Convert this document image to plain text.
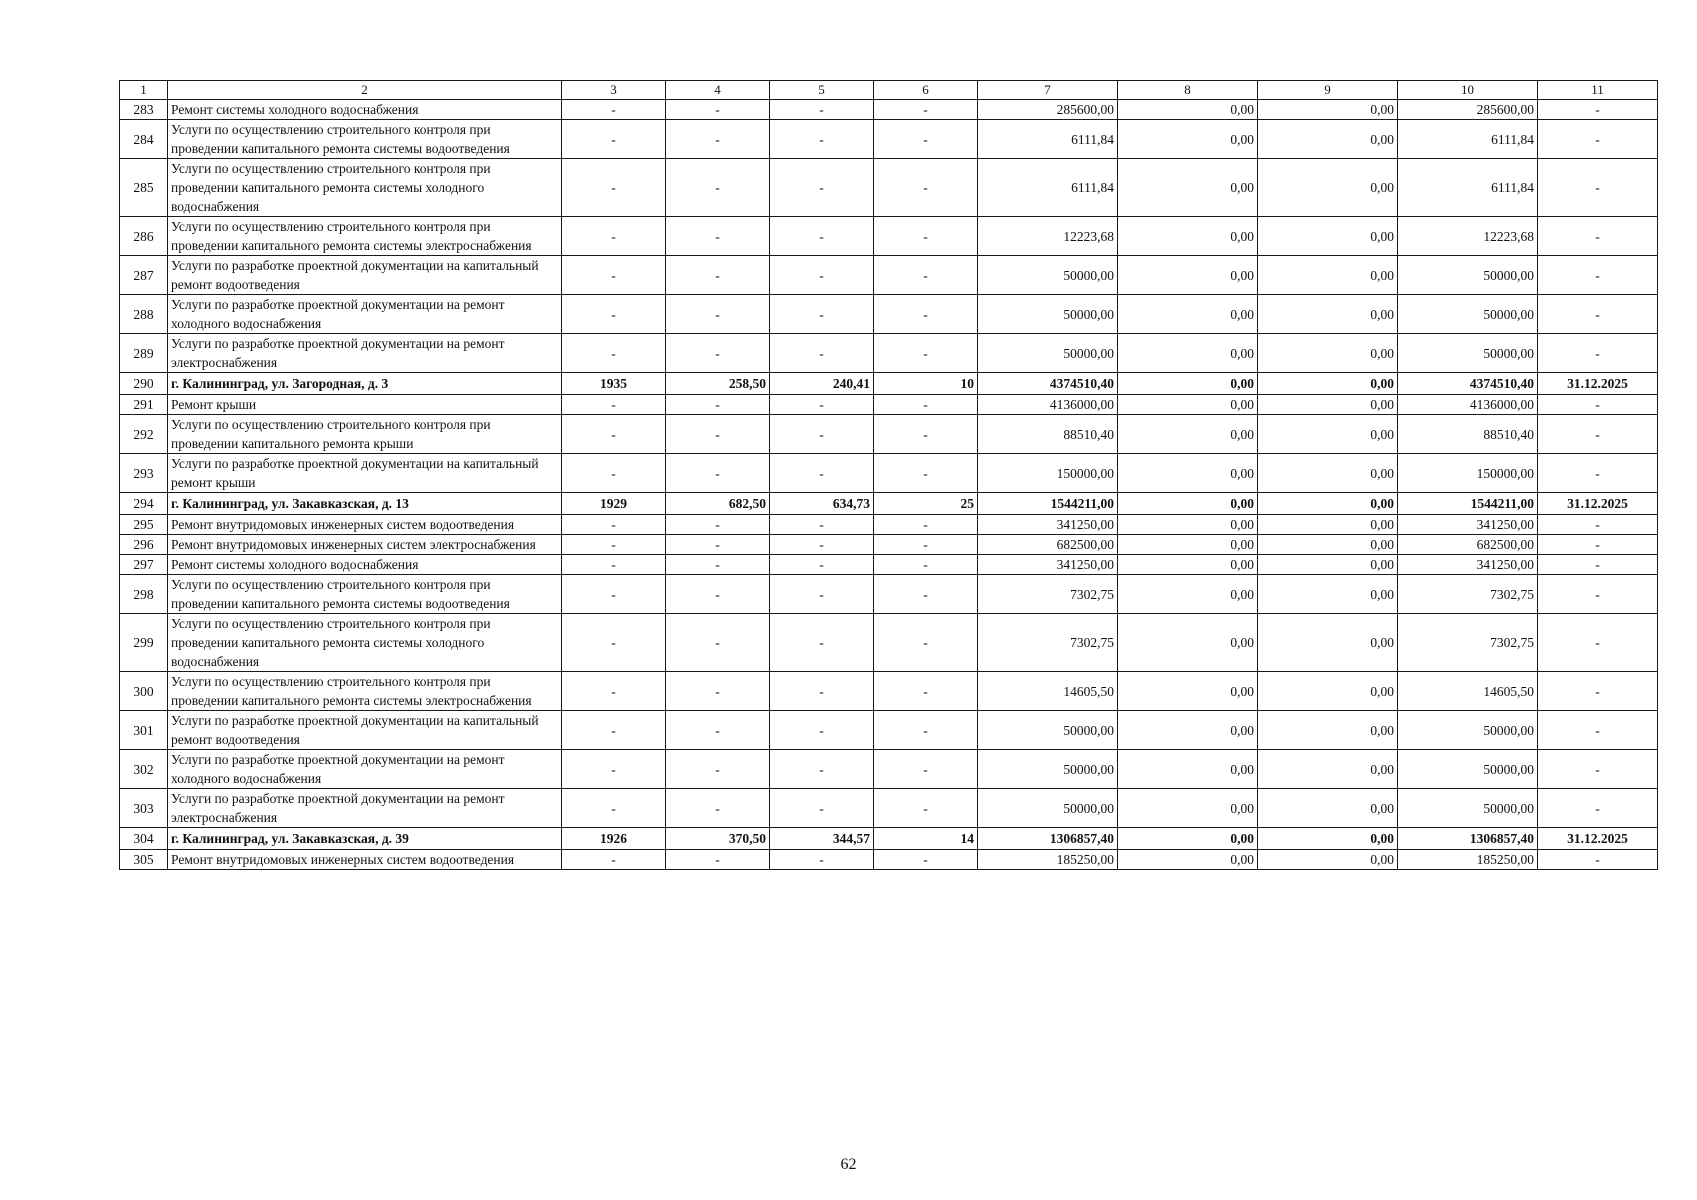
1	2	3	4	5	6	7	8	9	10	11
283	Ремонт системы холодного водоснабжения	-	-	-	-	285600,00	0,00	0,00	285600,00	-
284	Услуги по осуществлению строительного контроля при проведении капитального ремонта системы водоотведения	-	-	-	-	6111,84	0,00	0,00	6111,84	-
285	Услуги по осуществлению строительного контроля при проведении капитального ремонта системы холодного водоснабжения	-	-	-	-	6111,84	0,00	0,00	6111,84	-
286	Услуги по осуществлению строительного контроля при проведении капитального ремонта системы электроснабжения	-	-	-	-	12223,68	0,00	0,00	12223,68	-
287	Услуги по разработке проектной документации на капитальный ремонт водоотведения	-	-	-	-	50000,00	0,00	0,00	50000,00	-
288	Услуги по разработке проектной документации на ремонт холодного водоснабжения	-	-	-	-	50000,00	0,00	0,00	50000,00	-
289	Услуги по разработке проектной документации на ремонт электроснабжения	-	-	-	-	50000,00	0,00	0,00	50000,00	-
290	г. Калининград, ул. Загородная, д. 3	1935	258,50	240,41	10	4374510,40	0,00	0,00	4374510,40	31.12.2025
291	Ремонт крыши	-	-	-	-	4136000,00	0,00	0,00	4136000,00	-
292	Услуги по осуществлению строительного контроля при проведении капитального ремонта крыши	-	-	-	-	88510,40	0,00	0,00	88510,40	-
293	Услуги по разработке проектной документации на капитальный ремонт крыши	-	-	-	-	150000,00	0,00	0,00	150000,00	-
294	г. Калининград, ул. Закавказская, д. 13	1929	682,50	634,73	25	1544211,00	0,00	0,00	1544211,00	31.12.2025
295	Ремонт внутридомовых инженерных систем водоотведения	-	-	-	-	341250,00	0,00	0,00	341250,00	-
296	Ремонт внутридомовых инженерных систем электроснабжения	-	-	-	-	682500,00	0,00	0,00	682500,00	-
297	Ремонт системы холодного водоснабжения	-	-	-	-	341250,00	0,00	0,00	341250,00	-
298	Услуги по осуществлению строительного контроля при проведении капитального ремонта системы водоотведения	-	-	-	-	7302,75	0,00	0,00	7302,75	-
299	Услуги по осуществлению строительного контроля при проведении капитального ремонта системы холодного водоснабжения	-	-	-	-	7302,75	0,00	0,00	7302,75	-
300	Услуги по осуществлению строительного контроля при проведении капитального ремонта системы электроснабжения	-	-	-	-	14605,50	0,00	0,00	14605,50	-
301	Услуги по разработке проектной документации на капитальный ремонт водоотведения	-	-	-	-	50000,00	0,00	0,00	50000,00	-
302	Услуги по разработке проектной документации на ремонт холодного водоснабжения	-	-	-	-	50000,00	0,00	0,00	50000,00	-
303	Услуги по разработке проектной документации на ремонт электроснабжения	-	-	-	-	50000,00	0,00	0,00	50000,00	-
304	г. Калининград, ул. Закавказская, д. 39	1926	370,50	344,57	14	1306857,40	0,00	0,00	1306857,40	31.12.2025
305	Ремонт внутридомовых инженерных систем водоотведения	-	-	-	-	185250,00	0,00	0,00	185250,00	-
62
